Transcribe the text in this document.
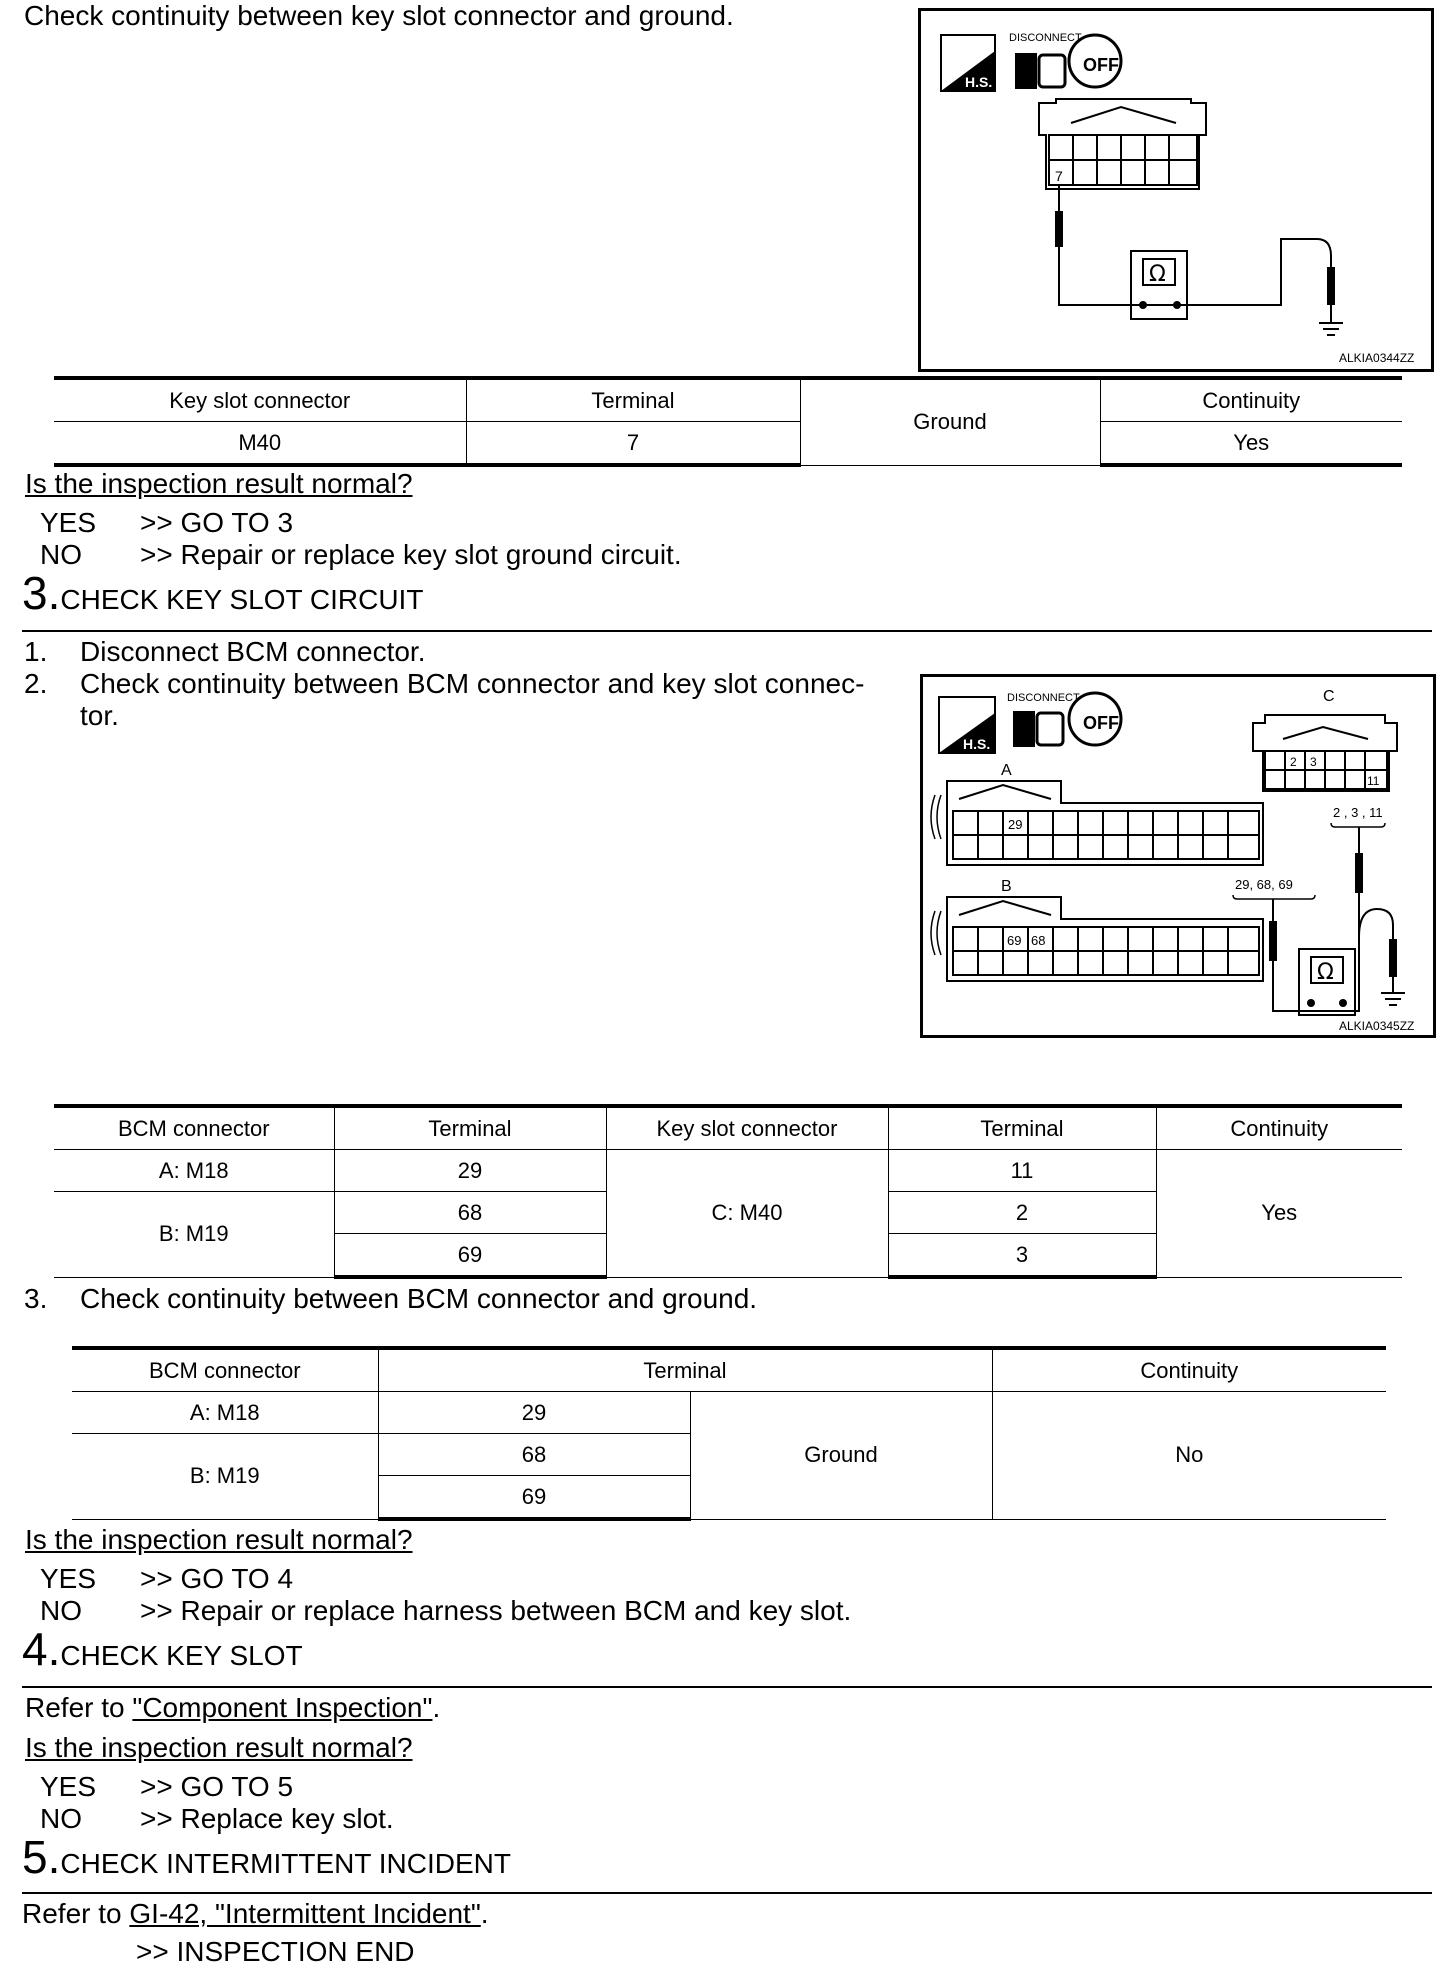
Check continuity between key slot connector and ground.
H.S.
DISCONNECT
OFF
7
Ω
ALKIA0344ZZ
Key slot connector	Terminal	Ground	Continuity
M40	7		Yes
Is the inspection result normal?
YES >> GO TO 3
NO >> Repair or replace key slot ground circuit.
3.CHECK KEY SLOT CIRCUIT
1. Disconnect BCM connector.
2. Check continuity between BCM connector and key slot connec-
tor.
H.S.
DISCONNECT
OFF
C
2 3
11
2 , 3 , 11
A
29
B
69 68
29, 68, 69
Ω
ALKIA0345ZZ
BCM connector	Terminal	Key slot connector	Terminal	Continuity
A: M18	29	C: M40	11	Yes
B: M19	68		2	
	69		3	
3. Check continuity between BCM connector and ground.
BCM connector	Terminal		Continuity
A: M18	29	Ground	No
B: M19	68		
	69		
Is the inspection result normal?
YES >> GO TO 4
NO >> Repair or replace harness between BCM and key slot.
4.CHECK KEY SLOT
Refer to "Component Inspection".
Is the inspection result normal?
YES >> GO TO 5
NO >> Replace key slot.
5.CHECK INTERMITTENT INCIDENT
Refer to GI-42, "Intermittent Incident".
>> INSPECTION END
